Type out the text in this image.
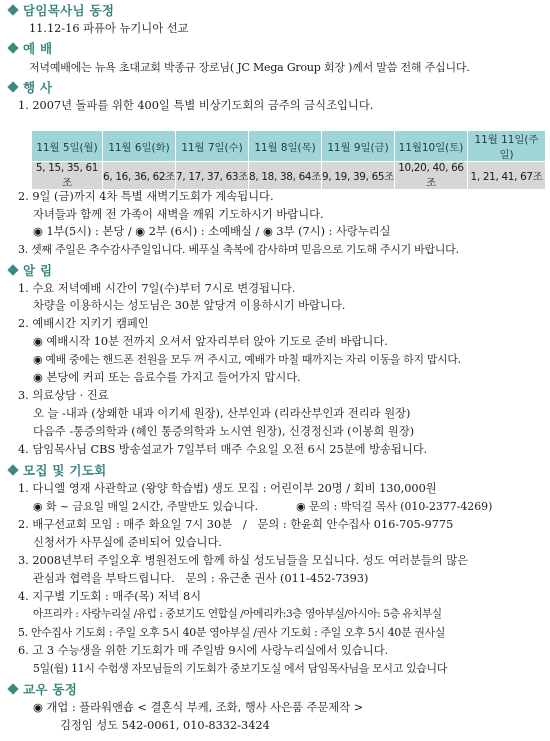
담임목사님 동정
11.12-16 파퓨아 뉴기니아 선교
예 배
저녁예배에는 뉴욕 초대교회 박종규 장로님( JC Mega Group 회장 )께서 말씀 전해 주십니다.
행 사
1. 2007년 돌파를 위한 400일 특별 비상기도회의 금주의 금식조입니다.
11월 5일(월)	11월 6일(화)	11월 7일(수)	11월 8일(목)	11월 9일(금)	11월10일(토)	11월 11일(주일)
5, 15, 35, 61조	6, 16, 36, 62조	7, 17, 37, 63조	8, 18, 38, 64조	9, 19, 39, 65조	10,20, 40, 66조	1, 21, 41, 67조
2. 9일 (금)까지 4차 특별 새벽기도회가 계속됩니다.
자녀들과 함께 전 가족이 새벽을 깨워 기도하시기 바랍니다.
◉ 1부(5시) : 본당 / ◉ 2부 (6시) : 소예배실 / ◉ 3부 (7시) : 사랑누리실
3. 셋째 주일은 추수감사주일입니다. 베푸실 축복에 감사하며 믿음으로 기도해 주시기 바랍니다.
알 림
1. 수요 저녁예배 시간이 7일(수)부터 7시로 변경됩니다.
차량을 이용하시는 성도님은 30분 앞당겨 이용하시기 바랍니다.
2. 예배시간 지키기 캠페인
◉ 예배시작 10분 전까지 오셔서 앞자리부터 앉아 기도로 준비 바랍니다.
◉ 예배 중에는 핸드폰 전원을 모두 꺼 주시고, 예배가 마칠 때까지는 자리 이동을 하지 맙시다.
◉ 본당에 커피 또는 음료수를 가지고 들어가지 맙시다.
3. 의료상담 · 진료
오 늘 -내과 (상왜한 내과 이기세 원장), 산부인과 (리라산부인과 전리라 원장)
다음주 -통증의학과 (혜인 통증의학과 노시연 원장), 신경정신과 (이봉희 원장)
4. 담임목사님 CBS 방송설교가 7일부터 매주 수요일 오전 6시 25분에 방송됩니다.
모집 및 기도회
1. 다니엘 영재 사관학교 (왕양 학습법) 생도 모집 : 어린이부 20명 / 회비 130,000원
◉ 화 ~ 금요일 매일 2시간, 주말반도 있습니다.           ◉ 문의 : 박덕길 목사 (010-2377-4269)
2. 배구선교회 모임 : 매주 화요일 7시 30분   /   문의 : 한윤희 안수집사 016-705-9775
신청서가 사무실에 준비되어 있습니다.
3. 2008년부터 주일오후 병원전도에 함께 하실 성도님들을 모십니다. 성도 여러분들의 많은
관심과 협력을 부탁드립니다.   문의 : 유근춘 권사 (011-452-7393)
4. 지구별 기도회 : 매주(목) 저녁 8시
아프리카 : 사랑누리실 /유럽 : 중보기도 연합실 /아메리카:3층 영아부실/아시아: 5층 유치부실
5. 안수집사 기도회 : 주일 오후 5시 40분 영아부실 /권사 기도회 : 주일 오후 5시 40분 권사실
6. 고 3 수능생을 위한 기도회가 매 주일밤 9시에 사랑누리실에서 있습니다.
5일(월) 11시 수험생 자모님들의 기도회가 중보기도실 에서 담임목사님을 모시고 있습니다
교우 동정
◉ 개업 : 플라워앤숍 < 결혼식 부케, 조화, 행사 사은품 주문제작 >
김정임 성도 542-0061, 010-8332-3424
